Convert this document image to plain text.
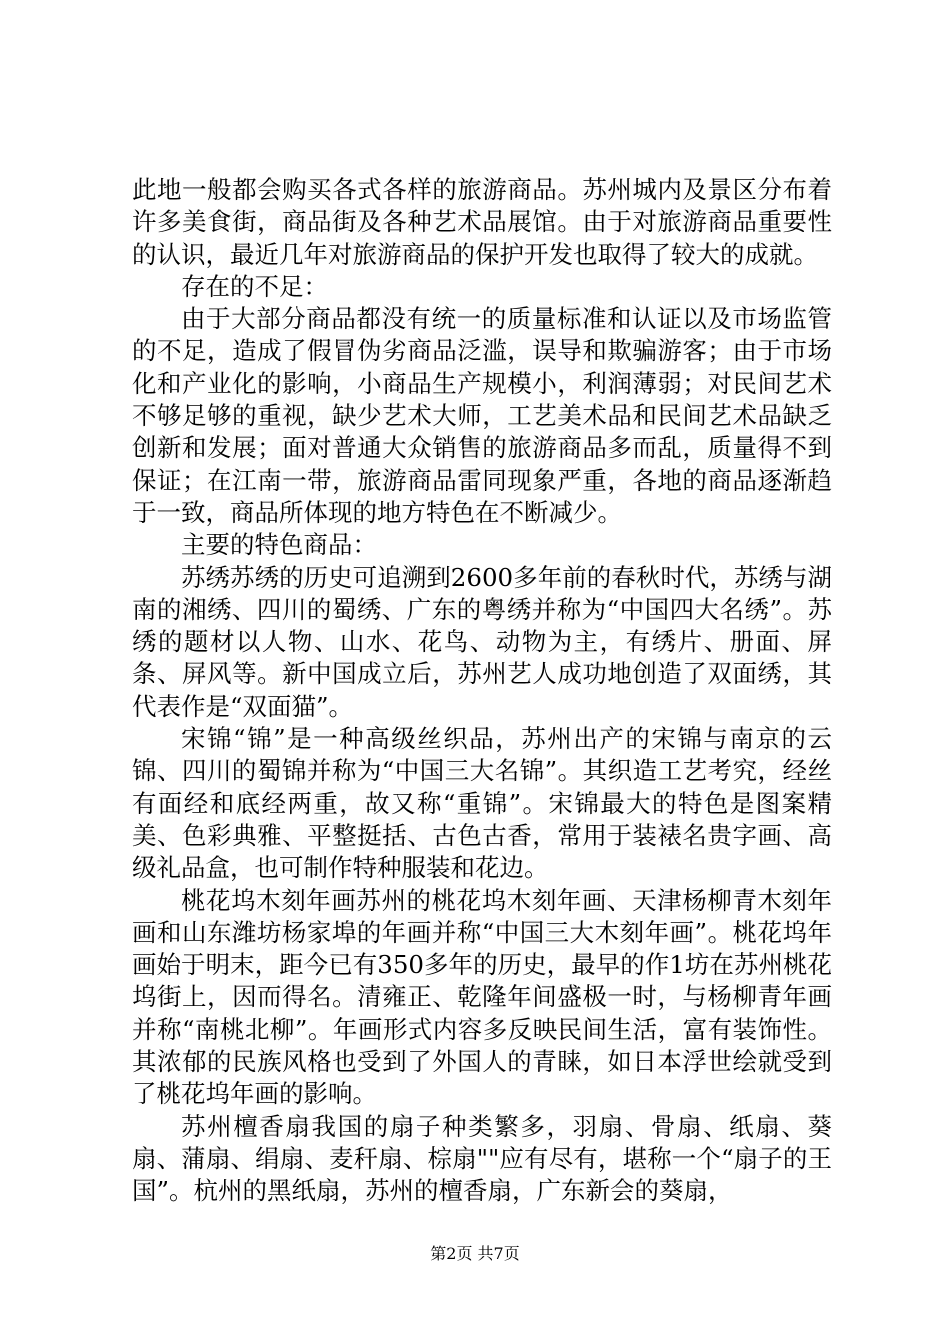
此地一般都会购买各式各样的旅游商品。苏州城内及景区分布着许多美食街，商品街及各种艺术品展馆。由于对旅游商品重要性的认识，最近几年对旅游商品的保护开发也取得了较大的成就。

存在的不足：

由于大部分商品都没有统一的质量标准和认证以及市场监管的不足，造成了假冒伪劣商品泛滥，误导和欺骗游客；由于市场化和产业化的影响，小商品生产规模小，利润薄弱；对民间艺术不够足够的重视，缺少艺术大师，工艺美术品和民间艺术品缺乏创新和发展；面对普通大众销售的旅游商品多而乱，质量得不到保证；在江南一带，旅游商品雷同现象严重，各地的商品逐渐趋于一致，商品所体现的地方特色在不断减少。

主要的特色商品：

苏绣苏绣的历史可追溯到2600多年前的春秋时代，苏绣与湖南的湘绣、四川的蜀绣、广东的粤绣并称为“中国四大名绣”。苏绣的题材以人物、山水、花鸟、动物为主，有绣片、册面、屏条、屏风等。新中国成立后，苏州艺人成功地创造了双面绣，其代表作是“双面猫”。

宋锦“锦”是一种高级丝织品，苏州出产的宋锦与南京的云锦、四川的蜀锦并称为“中国三大名锦”。其织造工艺考究，经丝有面经和底经两重，故又称“重锦”。宋锦最大的特色是图案精美、色彩典雅、平整挺括、古色古香，常用于装裱名贵字画、高级礼品盒，也可制作特种服装和花边。

桃花坞木刻年画苏州的桃花坞木刻年画、天津杨柳青木刻年画和山东潍坊杨家埠的年画并称“中国三大木刻年画”。桃花坞年画始于明末，距今已有350多年的历史，最早的作1坊在苏州桃花坞街上，因而得名。清雍正、乾隆年间盛极一时，与杨柳青年画并称“南桃北柳”。年画形式内容多反映民间生活，富有装饰性。其浓郁的民族风格也受到了外国人的青睐，如日本浮世绘就受到了桃花坞年画的影响。

苏州檀香扇我国的扇子种类繁多，羽扇、骨扇、纸扇、葵扇、蒲扇、绢扇、麦秆扇、棕扇""应有尽有，堪称一个“扇子的王国”。杭州的黑纸扇，苏州的檀香扇，广东新会的葵扇，

第2页 共7页
